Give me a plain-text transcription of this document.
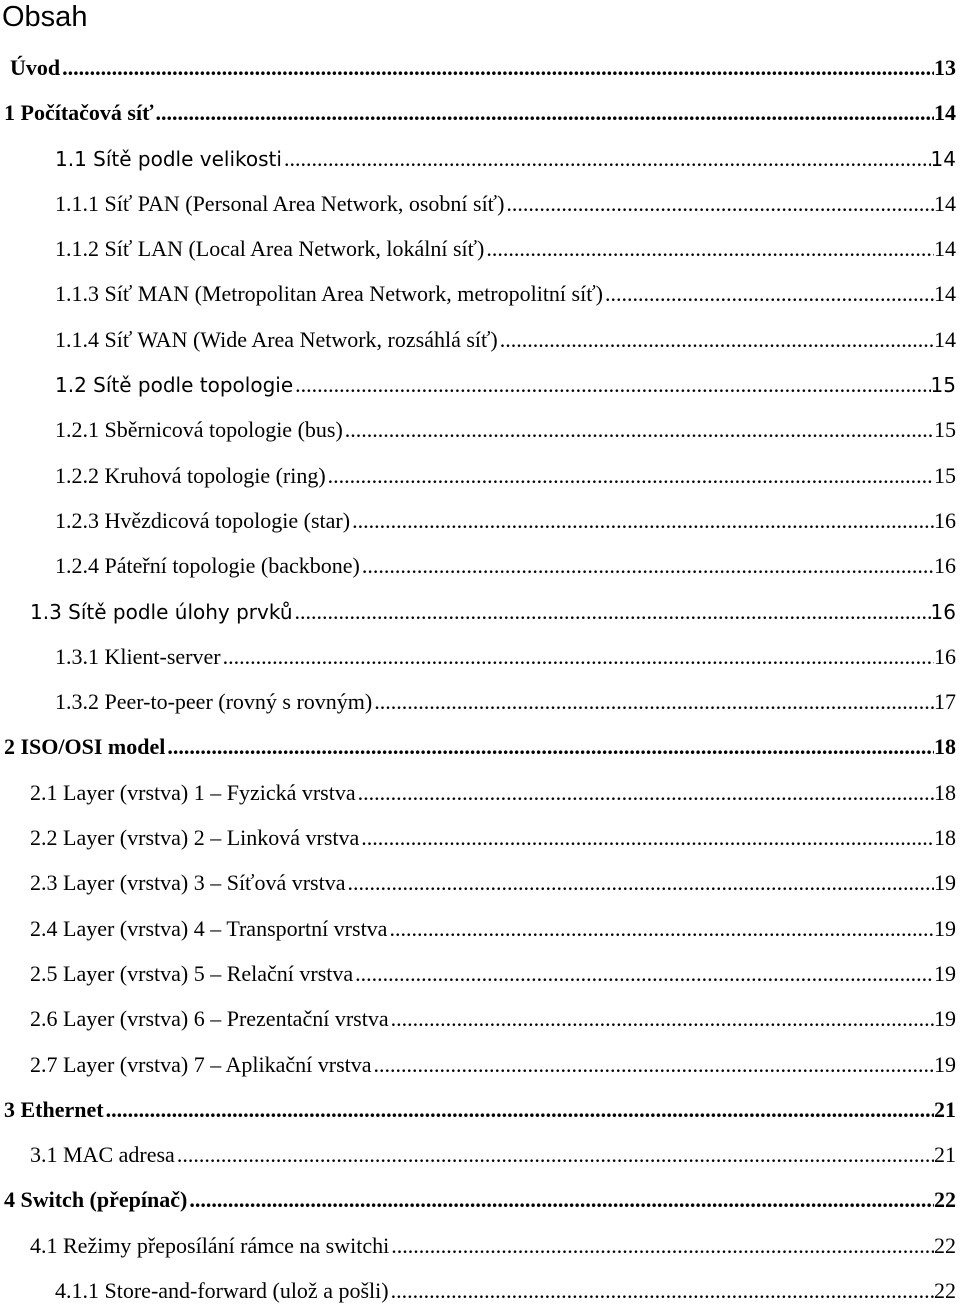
Obsah
Úvod .....	13
1 Počítačová síť .....	14
1.1 Sítě podle velikosti .....	14
1.1.1 Síť PAN (Personal Area Network, osobní síť) .....	14
1.1.2 Síť LAN (Local Area Network, lokální síť) .....	14
1.1.3 Síť MAN (Metropolitan Area Network, metropolitní síť) .....	14
1.1.4 Síť WAN (Wide Area Network, rozsáhlá síť) .....	14
1.2 Sítě podle topologie .....	15
1.2.1 Sběrnicová topologie (bus) .....	15
1.2.2 Kruhová topologie (ring) .....	15
1.2.3 Hvězdicová topologie (star) .....	16
1.2.4 Páteřní topologie (backbone) .....	16
1.3 Sítě podle úlohy prvků .....	16
1.3.1 Klient-server .....	16
1.3.2 Peer-to-peer (rovný s rovným) .....	17
2 ISO/OSI model .....	18
2.1 Layer (vrstva) 1 – Fyzická vrstva .....	18
2.2 Layer (vrstva) 2 – Linková vrstva .....	18
2.3 Layer (vrstva) 3 – Síťová vrstva .....	19
2.4 Layer (vrstva) 4 – Transportní vrstva .....	19
2.5 Layer (vrstva) 5 – Relační vrstva .....	19
2.6 Layer (vrstva) 6 – Prezentační vrstva .....	19
2.7 Layer (vrstva) 7 – Aplikační vrstva .....	19
3 Ethernet .....	21
3.1 MAC adresa .....	21
4 Switch (přepínač) .....	22
4.1 Režimy přeposílání rámce na switchi .....	22
4.1.1 Store-and-forward (ulož a pošli) .....	22
